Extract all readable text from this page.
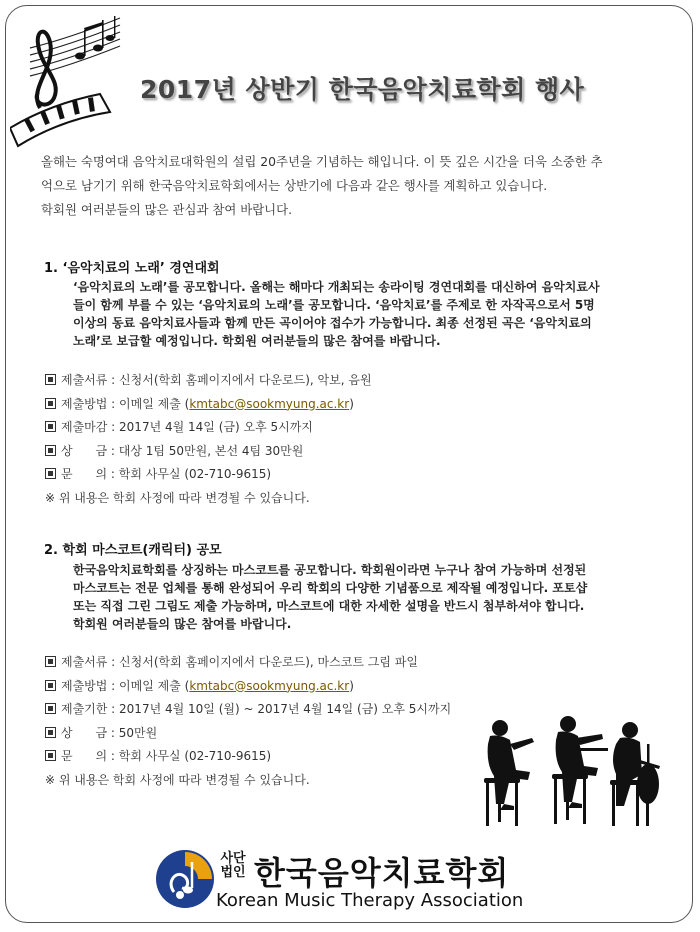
2017년 상반기 한국음악치료학회 행사

올해는 숙명여대 음악치료대학원의 설립 20주년을 기념하는 해입니다. 이 뜻 깊은 시간을 더욱 소중한 추

억으로 남기기 위해 한국음악치료학회에서는 상반기에 다음과 같은 행사를 계획하고 있습니다.

학회원 여러분들의 많은 관심과 참여 바랍니다.

1. ‘음악치료의 노래’ 경연대회
‘음악치료의 노래’를 공모합니다. 올해는 해마다 개최되는 송라이팅 경연대회를 대신하여 음악치료사
들이 함께 부를 수 있는 ‘음악치료의 노래’를 공모합니다. ‘음악치료’를 주제로 한 자작곡으로서 5명
이상의 동료 음악치료사들과 함께 만든 곡이어야 접수가 가능합니다. 최종 선정된 곡은 ‘음악치료의
노래’로 보급할 예정입니다. 학회원 여러분들의 많은 참여를 바랍니다.
제출서류 : 신청서(학회 홈페이지에서 다운로드), 악보, 음원
제출방법 : 이메일 제출 (kmtabc@sookmyung.ac.kr)
제출마감 : 2017년 4월 14일 (금) 오후 5시까지
상      금 : 대상 1팀 50만원, 본선 4팀 30만원
문      의 : 학회 사무실 (02-710-9615)
※ 위 내용은 학회 사정에 따라 변경될 수 있습니다.
2. 학회 마스코트(캐릭터) 공모
한국음악치료학회를 상징하는 마스코트를 공모합니다. 학회원이라면 누구나 참여 가능하며 선정된
마스코트는 전문 업체를 통해 완성되어 우리 학회의 다양한 기념품으로 제작될 예정입니다. 포토샵
또는 직접 그린 그림도 제출 가능하며, 마스코트에 대한 자세한 설명을 반드시 첨부하셔야 합니다.
학회원 여러분들의 많은 참여를 바랍니다.
제출서류 : 신청서(학회 홈페이지에서 다운로드), 마스코트 그림 파일
제출방법 : 이메일 제출 (kmtabc@sookmyung.ac.kr)
제출기한 : 2017년 4월 10일 (월) ~ 2017년 4월 14일 (금) 오후 5시까지
상      금 : 50만원
문      의 : 학회 사무실 (02-710-9615)
※ 위 내용은 학회 사정에 따라 변경될 수 있습니다.
사단
법인 한국음악치료학회
Korean Music Therapy Association
